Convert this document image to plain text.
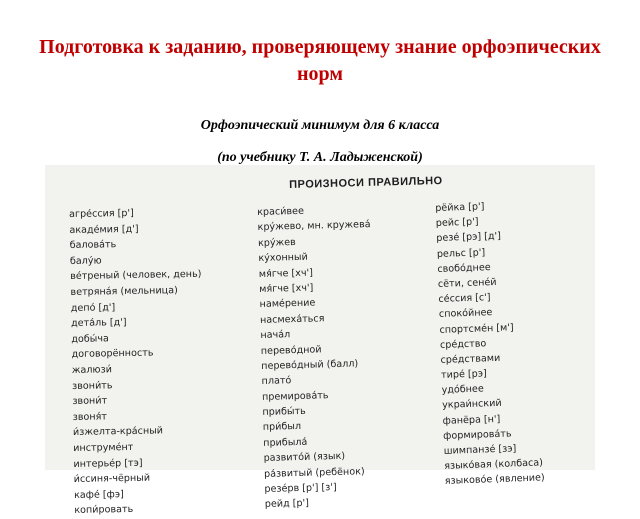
Подготовка к заданию, проверяющему знание орфоэпических норм
Орфоэпический минимум для 6 класса
(по учебнику Т. А. Ладыженской)
ПРОИЗНОСИ ПРАВИЛЬНО
агре́ссия [р']
акаде́мия [д']
балова́ть
балу́ю
ве́треный (человек, день)
ветряна́я (мельница)
депо́ [д']
дета́ль [д']
добы́ча
договорённость
жалюзи́
звони́ть
звони́т
звоня́т
и́зжелта-кра́сный
инструме́нт
интерье́р [тэ]
и́ссиня-чёрный
кафе́ [фэ]
копи́ровать
краси́вее
кру́жево, мн. кружева́
кру́жев
ку́хонный
мя́гче [хч']
мя́гче [хч']
наме́рение
насмеха́ться
нача́л
перево́дной
перево́дный (балл)
плато́
премирова́ть
прибы́ть
при́был
прибыла́
развито́й (язык)
ра́звитый (ребёнок)
резе́рв [р'] [з']
рейд [р']
рёйка [р']
рейс [р']
резе́ [рэ] [д']
рельс [р']
свобо́днее
сёти, сене́й
се́ссия [с']
споко́йнее
спортсме́н [м']
сре́дство
сре́дствами
тире́ [рэ]
удо́бнее
украи́нский
фанёра [н']
формирова́ть
шимпанзе́ [зэ]
языко́вая (колбаса)
языково́е (явление)
